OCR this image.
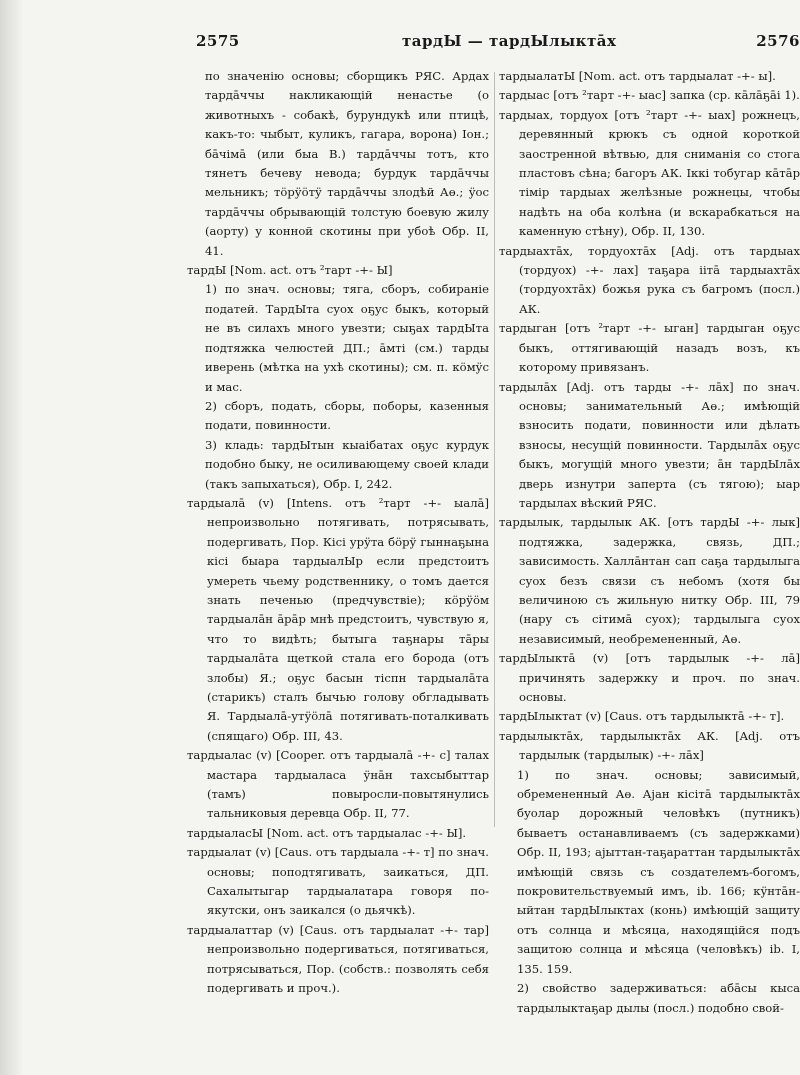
2575	тардЫ — тардЫлыктāх	2576

по значенію основы; сборщикъ РЯС. Ардах тардāччы накликающій ненастье (о животныхъ - собакѣ, бурундукѣ или птицѣ, какъ-то: чыбыт, куликъ, гагара, ворона) Іон.; бāчімā (или быа В.) тардāччы тотъ, кто тянетъ бечеву невода; бурдук тардāччы мельникъ; тöрӱöтӱ тардāччы злодѣй Аө.; ӱос тардāччы обрывающій толстую боевую жилу (аорту) у конной скотины при убоѣ Обр. II, 41.

тардЫ [Nom. act. отъ ²тарт -+- Ы]

1) по знач. основы; тяга, сборъ, собираніе податей. ТардЫта суох оҕус быкъ, который не въ силахъ много увезти; сыҕах тардЫта подтяжка челюстей ДП.; āмті (см.) тарды иверень (мѣтка на ухѣ скотины); см. п. кöмӱс и мас.

2) сборъ, подать, сборы, поборы, казенныя подати, повинности.

3) кладь: тардЫтын кыаiбатах оҕус курдук подобно быку, не осиливающему своей клади (такъ запыхаться), Обр. I, 242.

тардыалā (v) [Intens. отъ ²тарт -+- ыалā] непроизвольно потягивать, потрясывать, подергивать, Пор. Кісі урӱта бöрӱ гыннаҕына кісі быара тардыалЫр если предстоитъ умереть чьему родственнику, о томъ дается знать печенью (предчувствіе); кöрӱöм тардыалāн āрāр мнѣ предстоитъ, чувствую я, что то видѣть; бытыга таҕнары тāры тардыалāта щеткой стала его борода (отъ злобы) Я.; оҕус басын тіспн тардыалāта (старикъ) сталъ бычью голову обгладывать Я. Тардыалā-утӱöлā потягивать-поталкивать (спящаго) Обр. III, 43.

тардыалас (v) [Cooper. отъ тардыалā -+- с] талах мастара тардыаласа ӱнāн тахсыбыттар (тамъ) повыросли-повытянулись тальниковыя деревца Обр. II, 77.

тардыаласЫ [Nom. act. отъ тардыалас -+- Ы].

тардыалат (v) [Caus. отъ тардыала -+- т] по знач. основы; поподтягивать, заикаться, ДП. Сахалытыгар тардыалатара говоря по-якутски, онъ заикался (о дьячкѣ).

тардыалаттар (v) [Caus. отъ тардыалат -+- тар] непроизвольно подергиваться, потягиваться, потрясываться, Пор. (собств.: позволять себя подергивать и проч.).

тардыалатЫ [Nom. act. отъ тардыалат -+- ы].

тардыас [отъ ²тарт -+- ыас] запка (ср. кāлāҕāi 1).

тардыах, тордуох [отъ ²тарт -+- ыах] рожнецъ, деревянный крюкъ съ одной короткой заостренной вѣтвью, для сниманія со стога пластовъ сѣна; багоръ АК. Іккі тобугар кāтāр тімір тардыах желѣзные рожнецы, чтобы надѣть на оба колѣна (и вскарабкаться на каменную стѣну), Обр. II, 130.

тардыахтāх, тордуохтāх [Adj. отъ тардыах (тордуох) -+- лах] таҕара іітā тардыахтāх (тордуохтāх) божья рука съ багромъ (посл.) АК.

тардыган [отъ ²тарт -+- ыган] тардыган оҕус быкъ, оттягивающій назадъ возъ, къ которому привязанъ.

тардылāх [Adj. отъ тарды -+- лāх] по знач. основы; занимательный Аө.; имѣющій взносить подати, повинности или дѣлать взносы, несущій повинности. Тардылāх оҕус быкъ, могущій много увезти; āн тардЫлāх дверь изнутри заперта (съ тягою); ыар тардылах вѣский РЯС.

тардылык, тардылык АК. [отъ тардЫ -+- лык] подтяжка, задержка, связь, ДП.; зависимость. Халлāнтан сап саҕа тардылыга суох безъ связи съ небомъ (хотя бы величиною съ жильную нитку Обр. III, 79 (нарy съ сітимā суох); тардылыга суох независимый, необремененный, Аө.

тардЫлыктā (v) [отъ тардылык -+- лā] причинять задержку и проч. по знач. основы.

тардЫлыктат (v) [Caus. отъ тардылыктā -+- т].

тардылыктāх, тардылыктāх АК. [Adj. отъ тардылык (тардылык) -+- лāх]

1) по знач. основы; зависимый, обремененный Аө. Аjан кісітā тардылыктāх буолар дорожный человѣкъ (путникъ) бываетъ останавливаемъ (съ задержками) Обр. II, 193; аjыттан-таҕараттан тардылыктāх имѣющій связь съ создателемъ-богомъ, покровительствуемый имъ, ib. 166; кӱнтāн-ыйтан тардЫлыктах (конь) имѣющій защиту отъ солнца и мѣсяца, находящійся подъ защитою солнца и мѣсяца (человѣкъ) ib. I, 135. 159.

2) свойство задерживаться: абāсы кыса тардылыктаҕар дылы (посл.) подобно свой-
